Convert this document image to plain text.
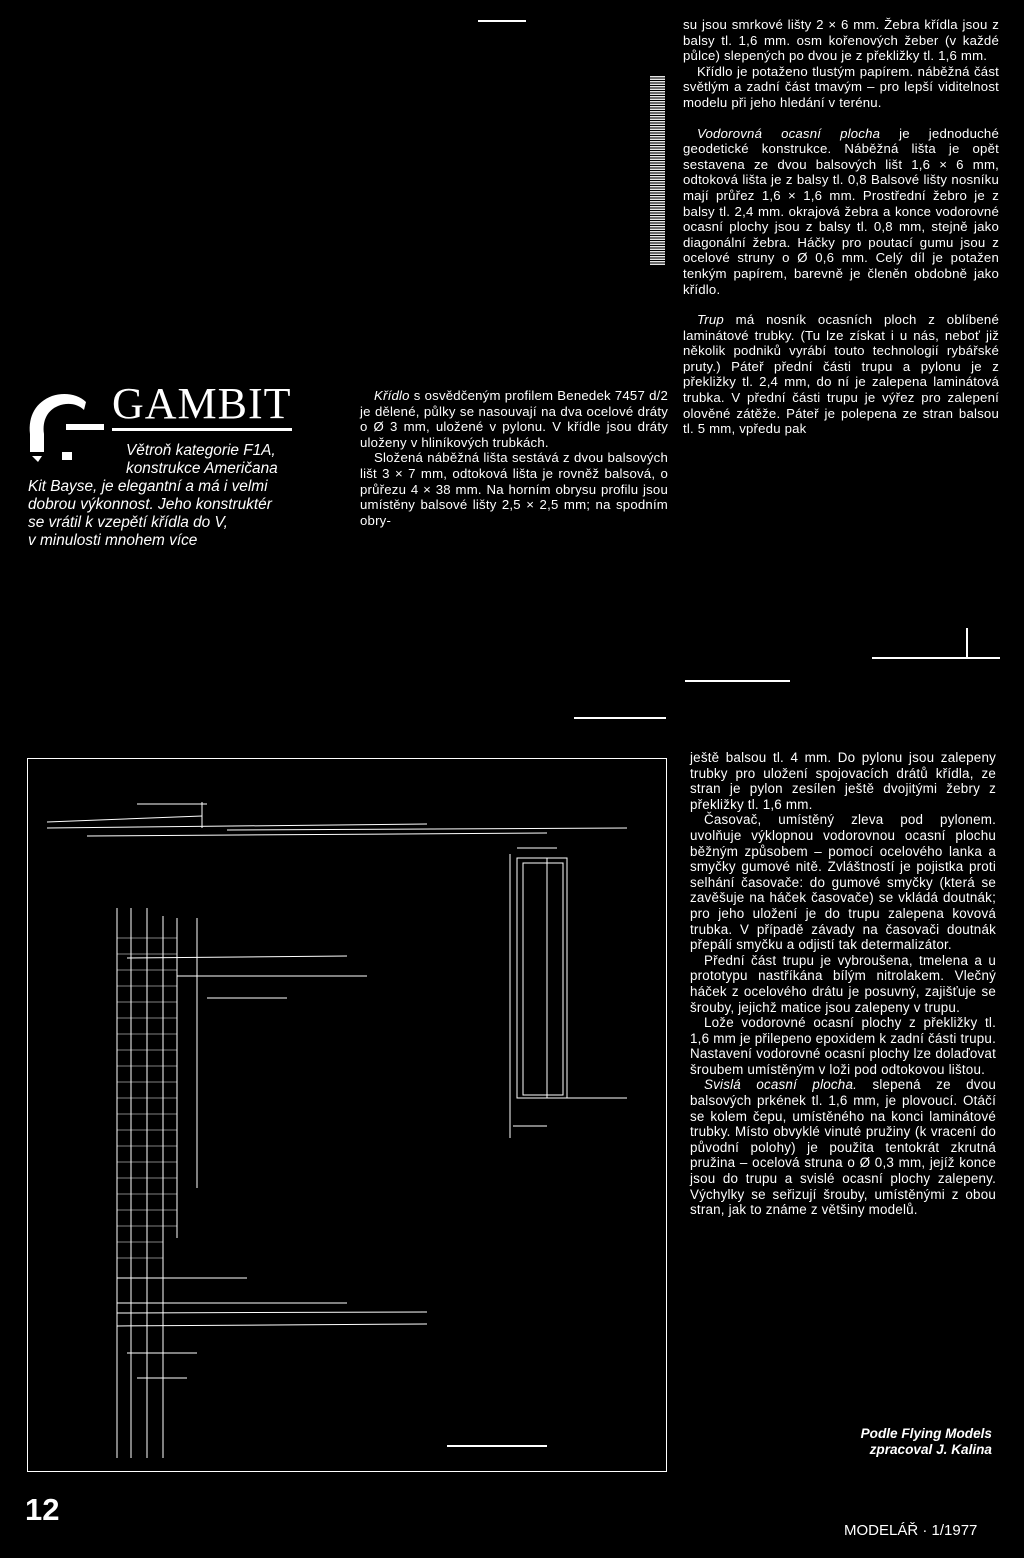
GAMBIT
Větroň kategorie F1A,
konstrukce Američana
Kit Bayse, je elegantní a má i velmi
dobrou výkonnost. Jeho konstruktér
se vrátil k vzepětí křídla do V,
v minulosti mnohem více

Křídlo s osvědčeným profilem Benedek 7457 d/2 je dělené, půlky se nasouvají na dva ocelové dráty o Ø 3 mm, uložené v pylonu. V křídle jsou dráty uloženy v hliníkových trubkách.

Složená náběžná lišta sestává z dvou balsových lišt 3 × 7 mm, odtoková lišta je rovněž balsová, o průřezu 4 × 38 mm. Na horním obrysu profilu jsou umístěny balsové lišty 2,5 × 2,5 mm; na spodním obry-

su jsou smrkové lišty 2 × 6 mm. Žebra křídla jsou z balsy tl. 1,6 mm. osm kořenových žeber (v každé půlce) slepených po dvou je z překližky tl. 1,6 mm.

Křídlo je potaženo tlustým papírem. náběžná část světlým a zadní část tmavým – pro lepší viditelnost modelu při jeho hledání v terénu.

Vodorovná ocasní plocha je jednoduché geodetické konstrukce. Náběžná lišta je opět sestavena ze dvou balsových lišt 1,6 × 6 mm, odtoková lišta je z balsy tl. 0,8 Balsové lišty nosníku mají průřez 1,6 × 1,6 mm. Prostřední žebro je z balsy tl. 2,4 mm. okrajová žebra a konce vodorovné ocasní plochy jsou z balsy tl. 0,8 mm, stejně jako diagonální žebra. Háčky pro poutací gumu jsou z ocelové struny o Ø 0,6 mm. Celý díl je potažen tenkým papírem, barevně je členěn obdobně jako křídlo.

Trup má nosník ocasních ploch z oblíbené laminátové trubky. (Tu lze získat i u nás, neboť již několik podniků vyrábí touto technologií rybářské pruty.) Páteř přední části trupu a pylonu je z překližky tl. 2,4 mm, do ní je zalepena laminátová trubka. V přední části trupu je výřez pro zalepení olověné zátěže. Páteř je polepena ze stran balsou tl. 5 mm, vpředu pak

ještě balsou tl. 4 mm. Do pylonu jsou zalepeny trubky pro uložení spojovacích drátů křídla, ze stran je pylon zesílen ještě dvojitými žebry z překližky tl. 1,6 mm.

Časovač, umístěný zleva pod pylonem. uvolňuje výklopnou vodorovnou ocasní plochu běžným způsobem – pomocí ocelového lanka a smyčky gumové nitě. Zvláštností je pojistka proti selhání časovače: do gumové smyčky (která se zavěšuje na háček časovače) se vkládá doutnák; pro jeho uložení je do trupu zalepena kovová trubka. V případě závady na časovači doutnák přepálí smyčku a odjistí tak determalizátor.

Přední část trupu je vybroušena, tmelena a u prototypu nastříkána bílým nitrolakem. Vlečný háček z ocelového drátu je posuvný, zajišťuje se šrouby, jejichž matice jsou zalepeny v trupu.

Lože vodorovné ocasní plochy z překližky tl. 1,6 mm je přilepeno epoxidem k zadní části trupu. Nastavení vodorovné ocasní plochy lze dolaďovat šroubem umístěným v loži pod odtokovou lištou.

Svislá ocasní plocha. slepená ze dvou balsových prkének tl. 1,6 mm, je plovoucí. Otáčí se kolem čepu, umístěného na konci laminátové trubky. Místo obvyklé vinuté pružiny (k vracení do původní polohy) je použita tentokrát zkrutná pružina – ocelová struna o Ø 0,3 mm, jejíž konce jsou do trupu a svislé ocasní plochy zalepeny. Výchylky se seřizují šrouby, umístěnými z obou stran, jak to známe z většiny modelů.

Podle Flying Models
zpracoval J. Kalina
12
MODELÁŘ · 1/1977
